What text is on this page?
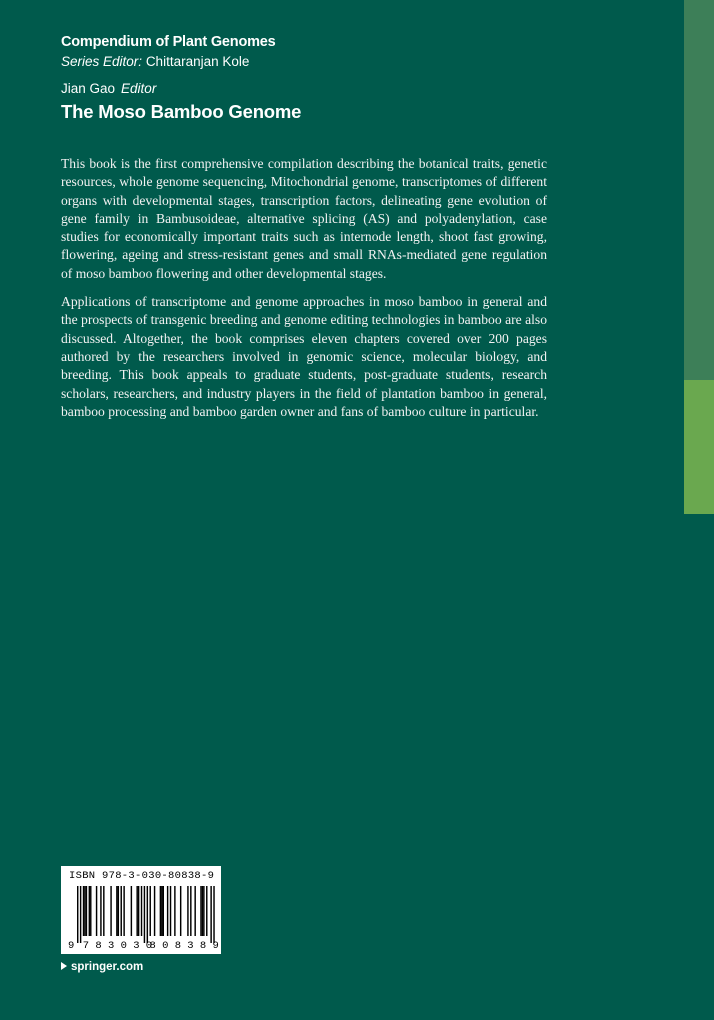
Compendium of Plant Genomes
Series Editor: Chittaranjan Kole
Jian Gao Editor
The Moso Bamboo Genome

This book is the first comprehensive compilation describing the botanical traits, genetic resources, whole genome sequencing, Mitochondrial genome, transcriptomes of different organs with developmental stages, transcription factors, delineating gene evolution of gene family in Bambusoideae, alternative splicing (AS) and polyadenylation, case studies for economically important traits such as internode length, shoot fast growing, flowering, ageing and stress-resistant genes and small RNAs-mediated gene regulation of moso bamboo flowering and other developmental stages.

Applications of transcriptome and genome approaches in moso bamboo in general and the prospects of transgenic breeding and genome editing technologies in bamboo are also discussed. Altogether, the book comprises eleven chapters covered over 200 pages authored by the researchers involved in genomic science, molecular biology, and breeding. This book appeals to graduate students, post-graduate students, research scholars, researchers, and industry players in the field of plantation bamboo in general, bamboo processing and bamboo garden owner and fans of bamboo culture in particular.

ISBN 978-3-030-80838-9
9 7 8 3 0 3 0
8 0 8 3 8 9
springer.com
